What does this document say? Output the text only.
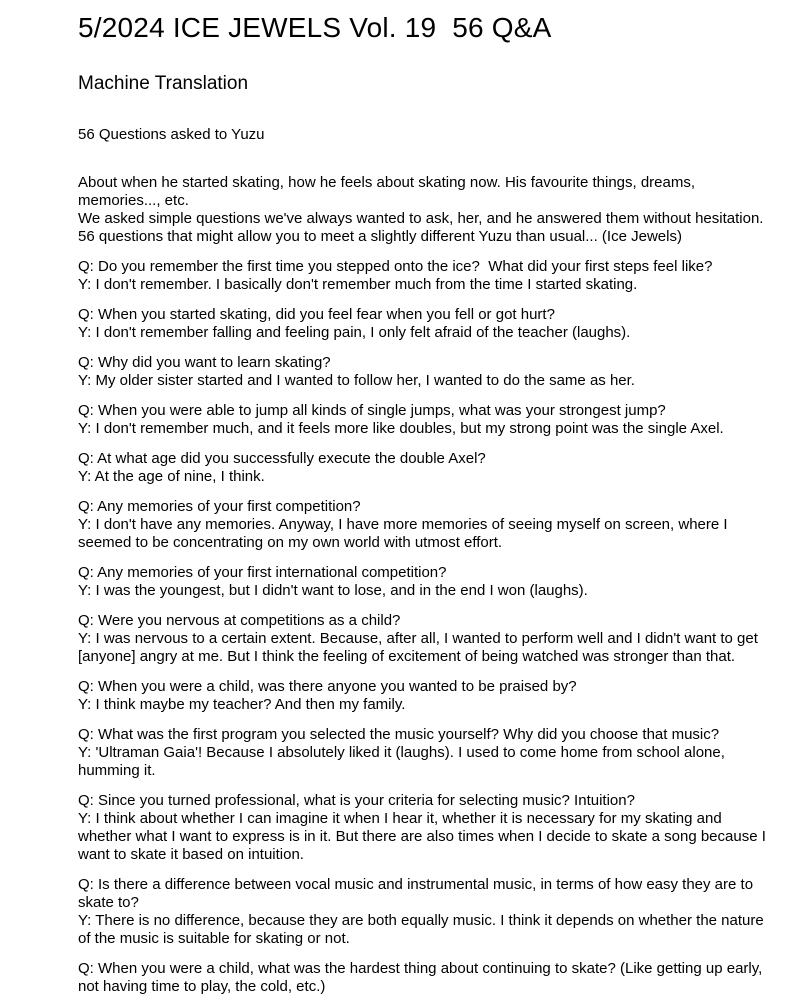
5/2024 ICE JEWELS Vol. 19  56 Q&A
Machine Translation
56 Questions asked to Yuzu
About when he started skating, how he feels about skating now. His favourite things, dreams, memories..., etc.
We asked simple questions we've always wanted to ask, her, and he answered them without hesitation.
56 questions that might allow you to meet a slightly different Yuzu than usual... (Ice Jewels)
Q: Do you remember the first time you stepped onto the ice?  What did your first steps feel like?
Y: I don't remember. I basically don't remember much from the time I started skating.
Q: When you started skating, did you feel fear when you fell or got hurt?
Y: I don't remember falling and feeling pain, I only felt afraid of the teacher (laughs).
Q: Why did you want to learn skating?
Y: My older sister started and I wanted to follow her, I wanted to do the same as her.
Q: When you were able to jump all kinds of single jumps, what was your strongest jump?
Y: I don't remember much, and it feels more like doubles, but my strong point was the single Axel.
Q: At what age did you successfully execute the double Axel?
Y: At the age of nine, I think.
Q: Any memories of your first competition?
Y: I don't have any memories. Anyway, I have more memories of seeing myself on screen, where I seemed to be concentrating on my own world with utmost effort.
Q: Any memories of your first international competition?
Y: I was the youngest, but I didn't want to lose, and in the end I won (laughs).
Q: Were you nervous at competitions as a child?
Y: I was nervous to a certain extent. Because, after all, I wanted to perform well and I didn't want to get [anyone] angry at me. But I think the feeling of excitement of being watched was stronger than that.
Q: When you were a child, was there anyone you wanted to be praised by?
Y: I think maybe my teacher? And then my family.
Q: What was the first program you selected the music yourself? Why did you choose that music?
Y: 'Ultraman Gaia'! Because I absolutely liked it (laughs). I used to come home from school alone, humming it.
Q: Since you turned professional, what is your criteria for selecting music? Intuition?
Y: I think about whether I can imagine it when I hear it, whether it is necessary for my skating and whether what I want to express is in it. But there are also times when I decide to skate a song because I want to skate it based on intuition.
Q: Is there a difference between vocal music and instrumental music, in terms of how easy they are to skate to?
Y: There is no difference, because they are both equally music. I think it depends on whether the nature of the music is suitable for skating or not.
Q: When you were a child, what was the hardest thing about continuing to skate? (Like getting up early, not having time to play, the cold, etc.)
